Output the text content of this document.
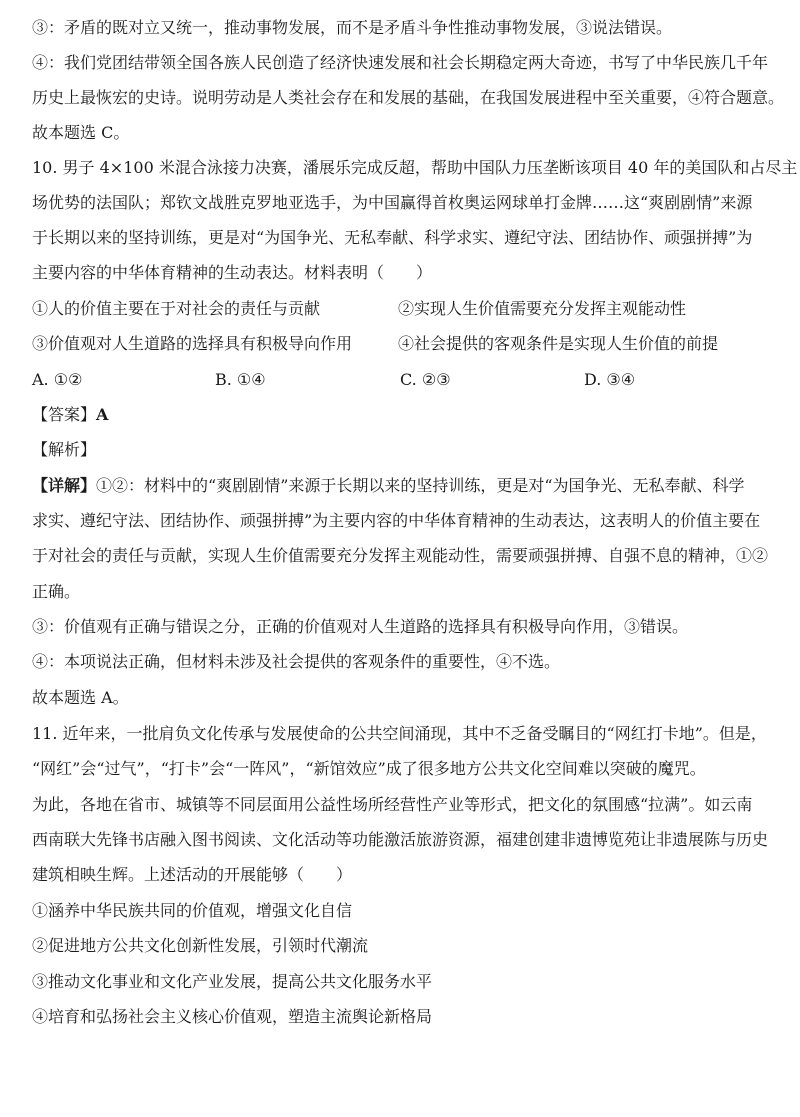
③：矛盾的既对立又统一，推动事物发展，而不是矛盾斗争性推动事物发展，③说法错误。
④：我们党团结带领全国各族人民创造了经济快速发展和社会长期稳定两大奇迹，书写了中华民族几千年
历史上最恢宏的史诗。说明劳动是人类社会存在和发展的基础，在我国发展进程中至关重要，④符合题意。
故本题选 C。
10. 男子 4×100 米混合泳接力决赛，潘展乐完成反超，帮助中国队力压垄断该项目 40 年的美国队和占尽主
场优势的法国队；郑钦文战胜克罗地亚选手，为中国赢得首枚奥运网球单打金牌……这“爽剧剧情”来源
于长期以来的坚持训练，更是对“为国争光、无私奉献、科学求实、遵纪守法、团结协作、顽强拼搏”为
主要内容的中华体育精神的生动表达。材料表明（　　）
①人的价值主要在于对社会的责任与贡献	②实现人生价值需要充分发挥主观能动性
③价值观对人生道路的选择具有积极导向作用	④社会提供的客观条件是实现人生价值的前提
A. ①②	B. ①④	C. ②③	D. ③④
【答案】A
【解析】
【详解】①②：材料中的“爽剧剧情”来源于长期以来的坚持训练，更是对“为国争光、无私奉献、科学
求实、遵纪守法、团结协作、顽强拼搏”为主要内容的中华体育精神的生动表达，这表明人的价值主要在
于对社会的责任与贡献，实现人生价值需要充分发挥主观能动性，需要顽强拼搏、自强不息的精神，①②
正确。
③：价值观有正确与错误之分，正确的价值观对人生道路的选择具有积极导向作用，③错误。
④：本项说法正确，但材料未涉及社会提供的客观条件的重要性，④不选。
故本题选 A。
11. 近年来，一批肩负文化传承与发展使命的公共空间涌现，其中不乏备受瞩目的“网红打卡地”。但是，
“网红”会“过气”，“打卡”会“一阵风”，“新馆效应”成了很多地方公共文化空间难以突破的魔咒。
为此，各地在省市、城镇等不同层面用公益性场所经营性产业等形式，把文化的氛围感“拉满”。如云南
西南联大先锋书店融入图书阅读、文化活动等功能激活旅游资源，福建创建非遗博览苑让非遗展陈与历史
建筑相映生辉。上述活动的开展能够（　　）
①涵养中华民族共同的价值观，增强文化自信
②促进地方公共文化创新性发展，引领时代潮流
③推动文化事业和文化产业发展，提高公共文化服务水平
④培育和弘扬社会主义核心价值观，塑造主流舆论新格局
